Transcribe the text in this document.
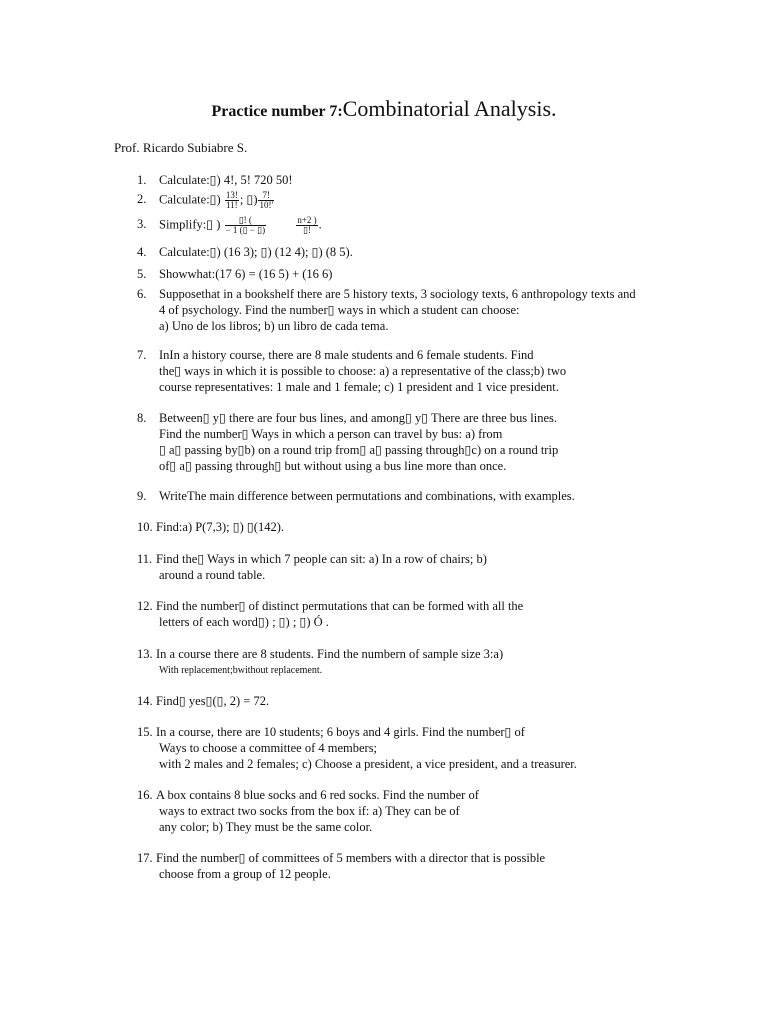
Practice number 7:Combinatorial Analysis.
Prof. Ricardo Subiabre S.
1. Calculate:▯) 4!, 5! 720 50!
2. Calculate:▯) $\frac{13!}{11!}$ ; ▯) $\frac{7!}{10!'}$
3. Simplify:▯ ) $\frac{▯! (}{- 1 (▯ - ▯)}$
	$\frac{n+2 )}{▯!}$ .
4. Calculate:▯) (16 3); ▯) (12 4); ▯) (8 5).
5. Showwhat:(17 6) = (16 5) + (16 6)
6. Supposethat in a bookshelf there are 5 history texts, 3 sociology texts, 6 anthropology texts and
4 of psychology. Find the number▯ ways in which a student can choose:
a) Uno de los libros; b) un libro de cada tema.
7. InIn a history course, there are 8 male students and 6 female students. Find
the▯ ways in which it is possible to choose: a) a representative of the class;b) two
course representatives: 1 male and 1 female; c) 1 president and 1 vice president.
8. Between▯ y▯ there are four bus lines, and among▯ y▯ There are three bus lines.
Find the number▯ Ways in which a person can travel by bus: a) from
▯ a▯ passing by▯b) on a round trip from▯ a▯ passing through▯c) on a round trip
of▯ a▯ passing through▯ but without using a bus line more than once.
9. WriteThe main difference between permutations and combinations, with examples.
10. Find:a) P(7,3); ▯) ▯(142).
11. Find the▯ Ways in which 7 people can sit: a) In a row of chairs; b)
around a round table.
12. Find the number▯ of distinct permutations that can be formed with all the
letters of each word▯) ; ▯) ; ▯) Ó .
13. In a course there are 8 students. Find the numbern of sample size 3:a)
With replacement;bwithout replacement.
14. Find▯ yes▯(▯, 2) = 72.
15. In a course, there are 10 students; 6 boys and 4 girls. Find the number▯ of
Ways to choose a committee of 4 members;
with 2 males and 2 females; c) Choose a president, a vice president, and a treasurer.
16. A box contains 8 blue socks and 6 red socks. Find the number of
ways to extract two socks from the box if: a) They can be of
any color; b) They must be the same color.
17. Find the number▯ of committees of 5 members with a director that is possible
choose from a group of 12 people.
